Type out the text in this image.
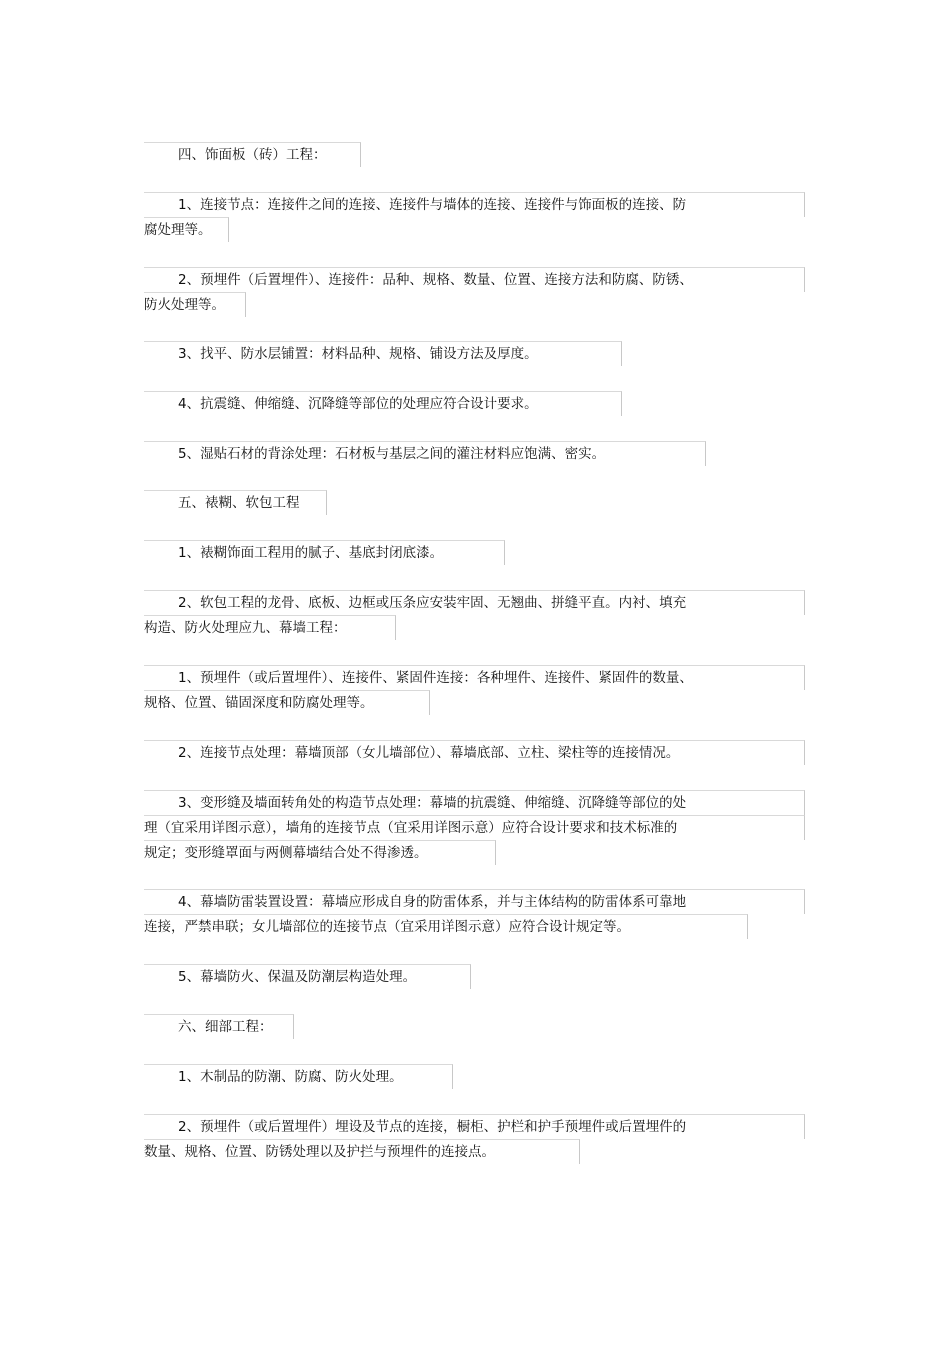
四、饰面板（砖）工程：
1、连接节点：连接件之间的连接、连接件与墙体的连接、连接件与饰面板的连接、防
腐处理等。
2、预埋件（后置埋件）、连接件：品种、规格、数量、位置、连接方法和防腐、防锈、
防火处理等。
3、找平、防水层铺置：材料品种、规格、铺设方法及厚度。
4、抗震缝、伸缩缝、沉降缝等部位的处理应符合设计要求。
5、湿贴石材的背涂处理：石材板与基层之间的灌注材料应饱满、密实。
五、裱糊、软包工程
1、裱糊饰面工程用的腻子、基底封闭底漆。
2、软包工程的龙骨、底板、边框或压条应安装牢固、无翘曲、拼缝平直。内衬、填充
构造、防火处理应九、幕墙工程：
1、预埋件（或后置埋件）、连接件、紧固件连接：各种埋件、连接件、紧固件的数量、
规格、位置、锚固深度和防腐处理等。
2、连接节点处理：幕墙顶部（女儿墙部位）、幕墙底部、立柱、梁柱等的连接情况。
3、变形缝及墙面转角处的构造节点处理：幕墙的抗震缝、伸缩缝、沉降缝等部位的处
理（宜采用详图示意），墙角的连接节点（宜采用详图示意）应符合设计要求和技术标准的
规定；变形缝罩面与两侧幕墙结合处不得渗透。
4、幕墙防雷装置设置：幕墙应形成自身的防雷体系，并与主体结构的防雷体系可靠地
连接，严禁串联；女儿墙部位的连接节点（宜采用详图示意）应符合设计规定等。
5、幕墙防火、保温及防潮层构造处理。
六、细部工程：
1、木制品的防潮、防腐、防火处理。
2、预埋件（或后置埋件）埋设及节点的连接，橱柜、护栏和护手预埋件或后置埋件的
数量、规格、位置、防锈处理以及护拦与预埋件的连接点。
